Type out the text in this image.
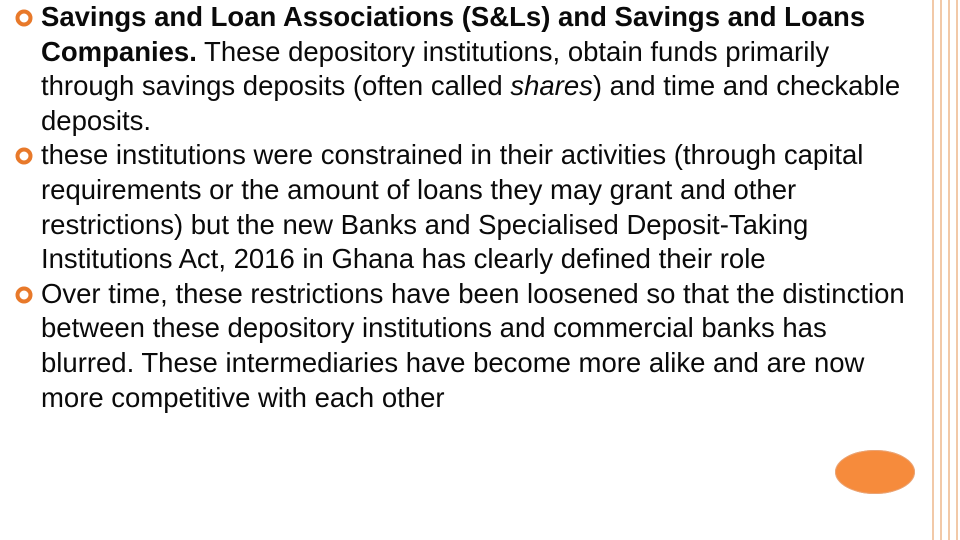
Savings and Loan Associations (S&Ls) and Savings and Loans Companies. These depository institutions, obtain funds primarily through savings deposits (often called shares) and time and checkable deposits.
these institutions were constrained in their activities (through capital requirements or the amount of loans they may grant and other restrictions) but the new Banks and Specialised Deposit-Taking Institutions Act, 2016 in Ghana has clearly defined their role
Over time, these restrictions have been loosened so that the distinction between these depository institutions and commercial banks has blurred. These intermediaries have become more alike and are now more competitive with each other
